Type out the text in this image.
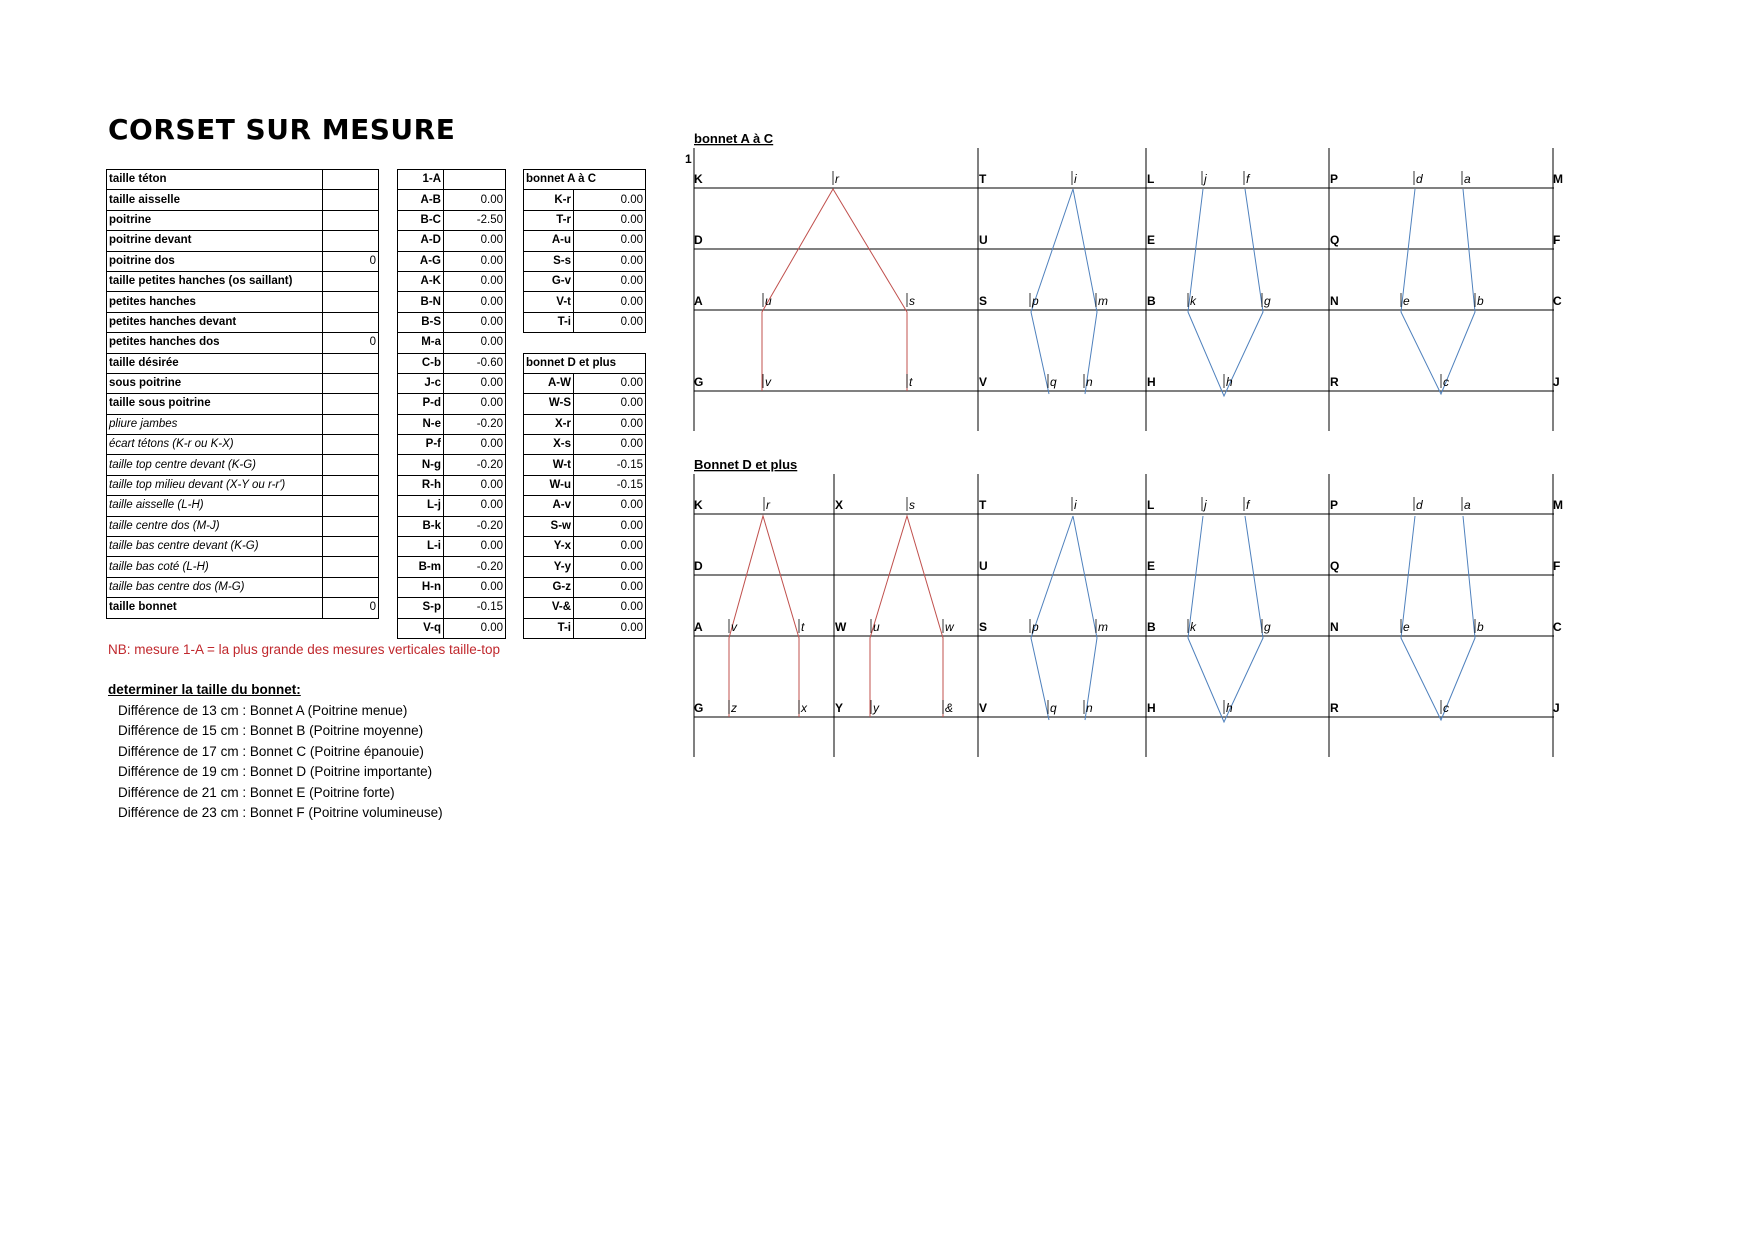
CORSET SUR MESURE
taille téton	
taille aisselle	
poitrine	
poitrine devant	
poitrine dos	0
taille petites hanches (os saillant)	
petites hanches	
petites hanches devant	
petites hanches dos	0
taille désirée	
sous poitrine	
taille sous poitrine	
pliure jambes	
écart tétons (K-r ou K-X)	
taille top centre devant (K-G)	
taille top milieu devant (X-Y ou r-r')	
taille aisselle (L-H)	
taille centre dos (M-J)	
taille bas centre devant (K-G)	
taille bas coté (L-H)	
taille bas centre dos (M-G)	
taille bonnet	0
1-A	
A-B	0.00
B-C	-2.50
A-D	0.00
A-G	0.00
A-K	0.00
B-N	0.00
B-S	0.00
M-a	0.00
C-b	-0.60
J-c	0.00
P-d	0.00
N-e	-0.20
P-f	0.00
N-g	-0.20
R-h	0.00
L-j	0.00
B-k	-0.20
L-i	0.00
B-m	-0.20
H-n	0.00
S-p	-0.15
V-q	0.00
bonnet A à C	
K-r	0.00
T-r	0.00
A-u	0.00
S-s	0.00
G-v	0.00
V-t	0.00
T-i	0.00

bonnet D et plus	
A-W	0.00
W-S	0.00
X-r	0.00
X-s	0.00
W-t	-0.15
W-u	-0.15
A-v	0.00
S-w	0.00
Y-x	0.00
Y-y	0.00
G-z	0.00
V-&	0.00
T-i	0.00
NB: mesure 1-A = la plus grande des mesures verticales taille-top
determiner la taille du bonnet:
Différence de 13 cm : Bonnet A (Poitrine menue)
Différence de 15 cm : Bonnet B (Poitrine moyenne)
Différence de 17 cm : Bonnet C (Poitrine épanouie)
Différence de 19 cm : Bonnet D (Poitrine importante)
Différence de 21 cm : Bonnet E (Poitrine forte)
Différence de 23 cm : Bonnet F (Poitrine volumineuse)
bonnet A à C
1
K	T	L	P	M
D	U	E	Q	F
A	S	B	N	C
G	V	H	R	J
r	i	j	f	d	a
u	s	p	m	k	g	e	b
v	t	q n	h	c
Bonnet D et plus
K	X	T	L	P	M
D	U	E	Q	F
A	W	S	B	N	C
G	Y	V	H	R	J
r	s	i	j	f	d	a
v	t	u	w	p	m	k	g	e	b
z	x	y	&	q n	h	c
